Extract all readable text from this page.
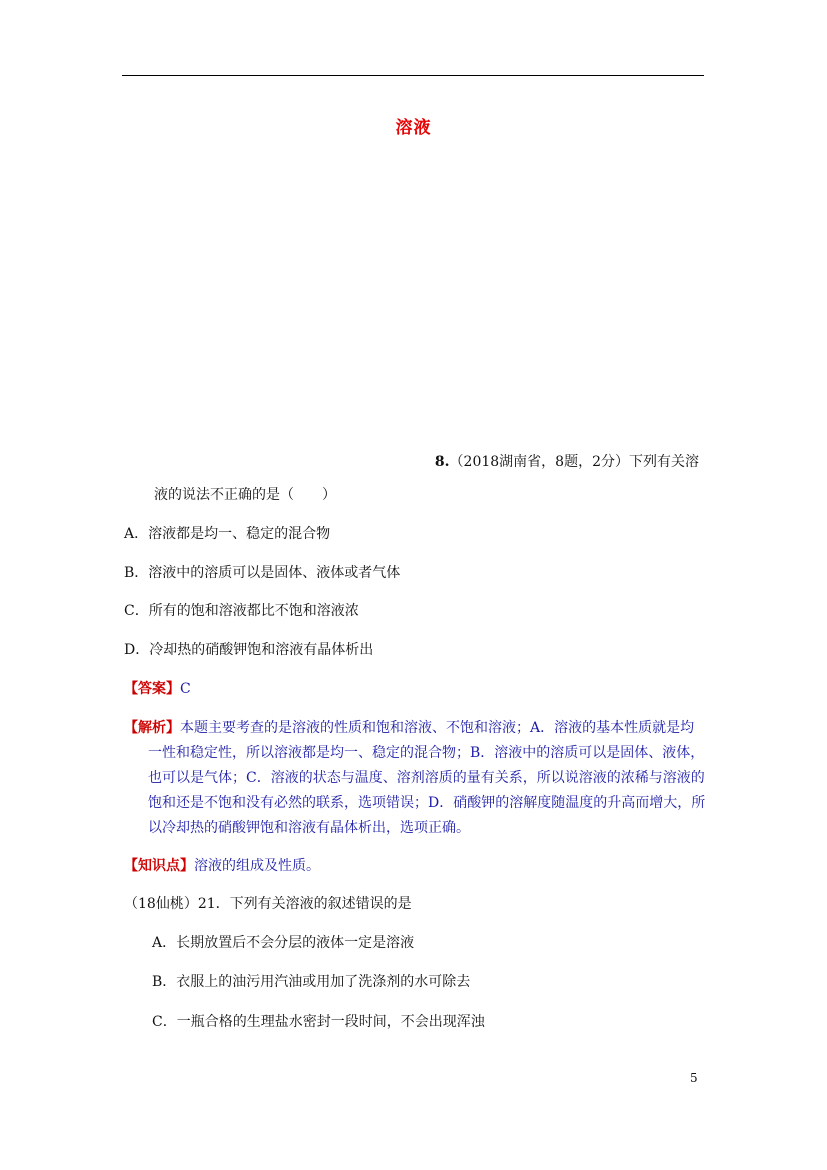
溶液
8.（2018湖南省，8题，2分）下列有关溶
液的说法不正确的是（　　）
A．溶液都是均一、稳定的混合物
B．溶液中的溶质可以是固体、液体或者气体
C．所有的饱和溶液都比不饱和溶液浓
D．冷却热的硝酸钾饱和溶液有晶体析出
【答案】C
【解析】本题主要考查的是溶液的性质和饱和溶液、不饱和溶液；A．溶液的基本性质就是均一性和稳定性，所以溶液都是均一、稳定的混合物；B．溶液中的溶质可以是固体、液体，也可以是气体；C．溶液的状态与温度、溶剂溶质的量有关系，所以说溶液的浓稀与溶液的饱和还是不饱和没有必然的联系，选项错误；D．硝酸钾的溶解度随温度的升高而增大，所以冷却热的硝酸钾饱和溶液有晶体析出，选项正确。
【知识点】溶液的组成及性质。
（18仙桃）21．下列有关溶液的叙述错误的是
A．长期放置后不会分层的液体一定是溶液
B．衣服上的油污用汽油或用加了洗涤剂的水可除去
C．一瓶合格的生理盐水密封一段时间，不会出现浑浊
5
